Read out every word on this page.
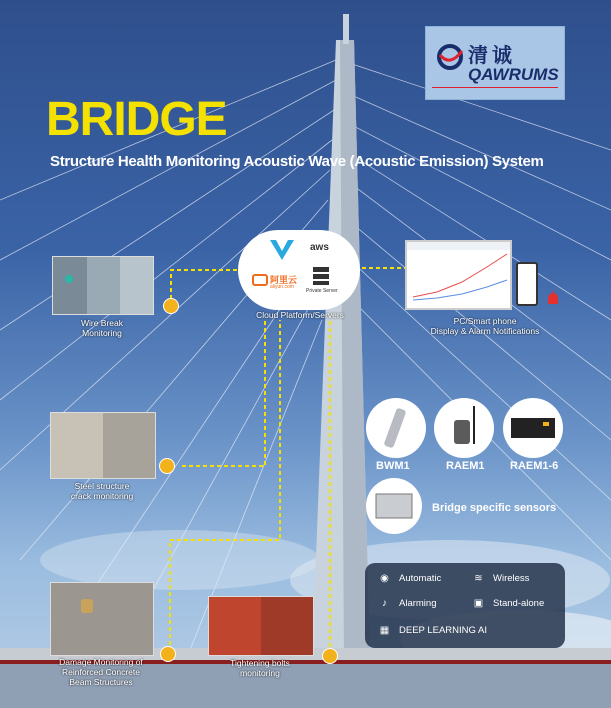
清诚
QAWRUMS
BRIDGE
Structure Health Monitoring Acoustic Wave (Acoustic Emission) System
aws
阿里云
aliyun.com
Private Server
Cloud Platform/Servers
PC/Smart phone
Display & Alarm Notifications
Wire Break
Monitoring
Steel structure
crack monitoring
Damage Monitoring of
Reinforced Concrete
Beam Structures
Tightening bolts
monitoring
BWM1	RAEM1 RAEM1-6
Bridge specific sensors
◉ Automatic	≋ Wireless
♪	Alarming	▣ Stand-alone
▦ DEEP LEARNING AI
